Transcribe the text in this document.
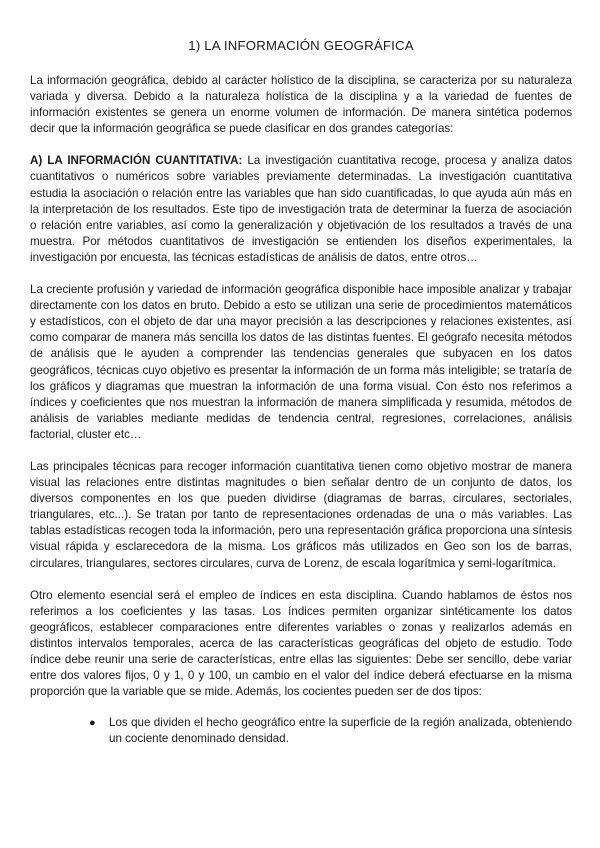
1) LA INFORMACIÓN GEOGRÁFICA

La información geográfica, debido al carácter holístico de la disciplina, se caracteriza por su naturaleza variada y diversa. Debido a la naturaleza holística de la disciplina y a la variedad de fuentes de información existentes se genera un enorme volumen de información. De manera sintética podemos decir que la información geográfica se puede clasificar en dos grandes categorías:

A) LA INFORMACIÓN CUANTITATIVA: La investigación cuantitativa recoge, procesa y analiza datos cuantitativos o numéricos sobre variables previamente determinadas. La investigación cuantitativa estudia la asociación o relación entre las variables que han sido cuantificadas, lo que ayuda aún más en la interpretación de los resultados. Este tipo de investigación trata de determinar la fuerza de asociación o relación entre variables, así como la generalización y objetivación de los resultados a través de una muestra. Por métodos cuantitativos de investigación se entienden los diseños experimentales, la investigación por encuesta, las técnicas estadísticas de análisis de datos, entre otros…

La creciente profusión y variedad de información geográfica disponible hace imposible analizar y trabajar directamente con los datos en bruto. Debido a esto se utilizan una serie de procedimientos matemáticos y estadísticos, con el objeto de dar una mayor precisión a las descripciones y relaciones existentes, así como comparar de manera más sencilla los datos de las distintas fuentes. El geógrafo necesita métodos de análisis que le ayuden a comprender las tendencias generales que subyacen en los datos geográficos, técnicas cuyo objetivo es presentar la información de un forma más inteligible; se trataría de los gráficos y diagramas que muestran la información de una forma visual. Con ésto nos referimos a índices y coeficientes que nos muestran la información de manera simplificada y resumida, métodos de análisis de variables mediante medidas de tendencia central, regresiones, correlaciones, análisis factorial, cluster etc…

Las principales técnicas para recoger información cuantitativa tienen como objetivo mostrar de manera visual las relaciones entre distintas magnitudes o bien señalar dentro de un conjunto de datos, los diversos componentes en los que pueden dividirse (diagramas de barras, circulares, sectoriales, triangulares, etc...). Se tratan por tanto de representaciones ordenadas de una o más variables. Las tablas estadísticas recogen toda la información, pero una representación gráfica proporciona una síntesis visual rápida y esclarecedora de la misma. Los gráficos más utilizados en Geo son los de barras, circulares, triangulares, sectores circulares, curva de Lorenz, de escala logarítmica y semi-logarítmica.

Otro elemento esencial será el empleo de índices en esta disciplina. Cuando hablamos de éstos nos referimos a los coeficientes y las tasas. Los índices permiten organizar sintéticamente los datos geográficos, establecer comparaciones entre diferentes variables o zonas y realizarlos además en distintos intervalos temporales, acerca de las características geográficas del objeto de estudio. Todo índice debe reunir una serie de características, entre ellas las siguientes: Debe ser sencillo, debe variar entre dos valores fijos, 0 y 1, 0 y 100, un cambio en el valor del índice deberá efectuarse en la misma proporción que la variable que se mide. Además, los cocientes pueden ser de dos tipos:

● Los que dividen el hecho geográfico entre la superficie de la región analizada, obteniendo un cociente denominado densidad.
